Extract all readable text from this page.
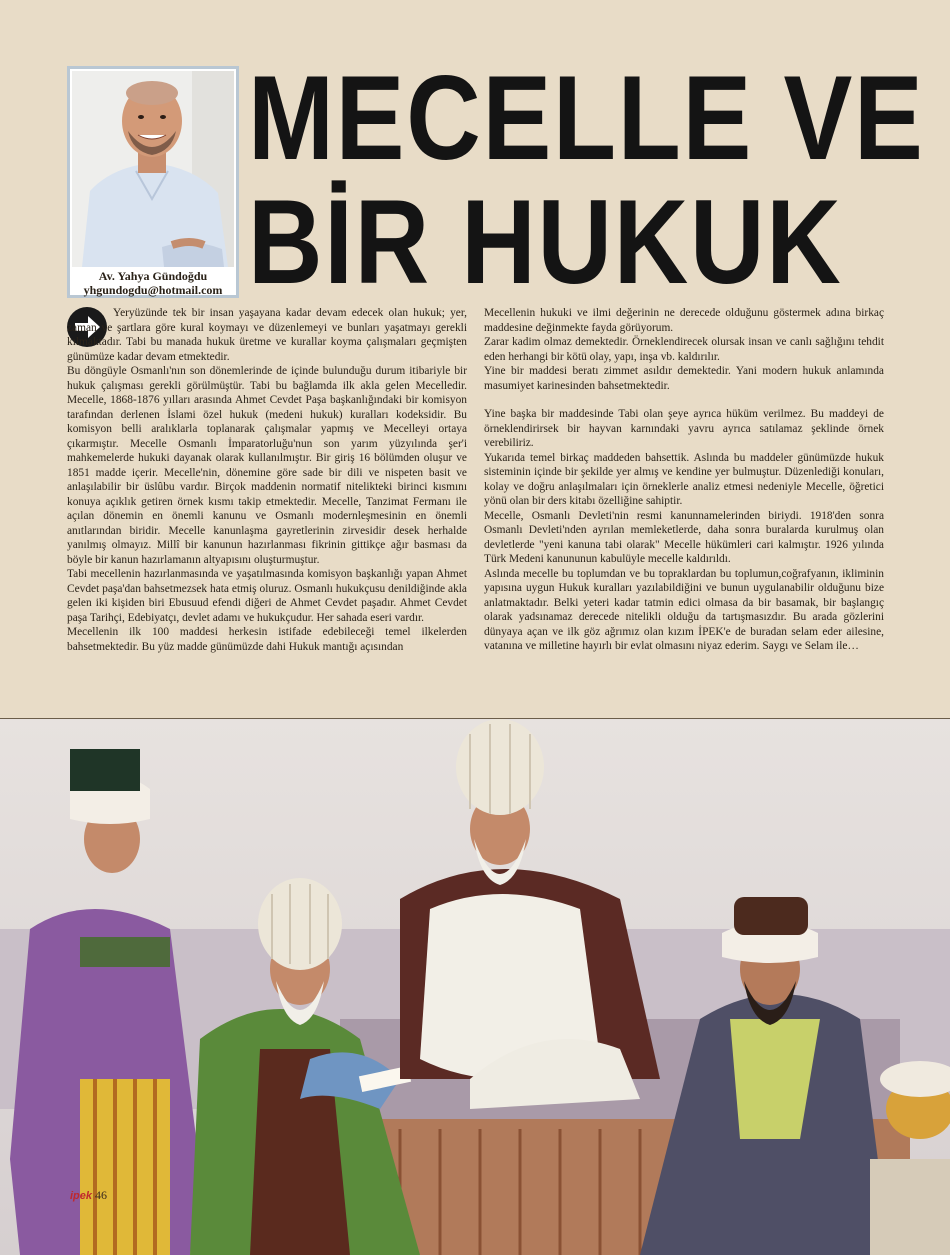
Av. Yahya Gündoğdu
yhgundogdu@hotmail.com
MECELLE VE
BİR HUKUK

Yeryüzünde tek bir insan yaşayana kadar devam edecek olan hukuk; yer, zaman ve şartlara göre kural koymayı ve düzenlemeyi ve bunları yaşatmayı gerekli kılmaktadır. Tabi bu manada hukuk üretme ve kurallar koyma çalışmaları geçmişten günümüze kadar devam etmektedir.

Bu döngüyle Osmanlı'nın son dönemlerinde de içinde bulunduğu durum itibariyle bir hukuk çalışması gerekli görülmüştür. Tabi bu bağlamda ilk akla gelen Mecelledir. Mecelle, 1868-1876 yılları arasında Ahmet Cevdet Paşa başkanlığındaki bir komisyon tarafından derlenen İslami özel hukuk (medeni hukuk) kuralları kodeksidir. Bu komisyon belli aralıklarla toplanarak çalışmalar yapmış ve Mecelleyi ortaya çıkarmıştır. Mecelle Osmanlı İmparatorluğu'nun son yarım yüzyılında şer'i mahkemelerde hukuki dayanak olarak kullanılmıştır. Bir giriş 16 bölümden oluşur ve 1851 madde içerir. Mecelle'nin, dönemine göre sade bir dili ve nispeten basit ve anlaşılabilir bir üslûbu vardır. Birçok maddenin normatif nitelikteki birinci kısmını konuya açıklık getiren örnek kısmı takip etmektedir. Mecelle, Tanzimat Fermanı ile açılan dönemin en önemli kanunu ve Osmanlı modernleşmesinin en önemli anıtlarından biridir. Mecelle kanunlaşma gayretlerinin zirvesidir desek herhalde yanılmış olmayız. Millî bir kanunun hazırlanması fikrinin gittikçe ağır basması da böyle bir kanun hazırlamanın altyapısını oluşturmuştur.

Tabi mecellenin hazırlanmasında ve yaşatılmasında komisyon başkanlığı yapan Ahmet Cevdet paşa'dan bahsetmezsek hata etmiş oluruz. Osmanlı hukukçusu denildiğinde akla gelen iki kişiden biri Ebusuud efendi diğeri de Ahmet Cevdet paşadır. Ahmet Cevdet paşa Tarihçi, Edebiyatçı, devlet adamı ve hukukçudur. Her sahada eseri vardır.

Mecellenin ilk 100 maddesi herkesin istifade edebileceği temel ilkelerden bahsetmektedir. Bu yüz madde günümüzde dahi Hukuk mantığı açısından

Mecellenin hukuki ve ilmi değerinin ne derecede olduğunu göstermek adına birkaç maddesine değinmekte fayda görüyorum.

Zarar kadim olmaz demektedir. Örneklendirecek olursak insan ve canlı sağlığını tehdit eden herhangi bir kötü olay, yapı, inşa vb. kaldırılır.

Yine bir maddesi beratı zimmet asıldır demektedir. Yani modern hukuk anlamında masumiyet karinesinden bahsetmektedir.

Yine başka bir maddesinde Tabi olan şeye ayrıca hüküm verilmez. Bu maddeyi de örneklendirirsek bir hayvan karnındaki yavru ayrıca satılamaz şeklinde örnek verebiliriz.

Yukarıda temel birkaç maddeden bahsettik. Aslında bu maddeler günümüzde hukuk sisteminin içinde bir şekilde yer almış ve kendine yer bulmuştur. Düzenlediği konuları, kolay ve doğru anlaşılmaları için örneklerle analiz etmesi nedeniyle Mecelle, öğretici yönü olan bir ders kitabı özelliğine sahiptir.

Mecelle, Osmanlı Devleti'nin resmi kanunnamelerinden biriydi. 1918'den sonra Osmanlı Devleti'nden ayrılan memleketlerde, daha sonra buralarda kurulmuş olan devletlerde "yeni kanuna tabi olarak" Mecelle hükümleri cari kalmıştır. 1926 yılında Türk Medeni kanununun kabulüyle mecelle kaldırıldı.

Aslında mecelle bu toplumdan ve bu topraklardan bu toplumun,coğrafyanın, ikliminin yapısına uygun Hukuk kuralları yazılabildiğini ve bunun uygulanabilir olduğunu bize anlatmaktadır. Belki yeteri kadar tatmin edici olmasa da bir basamak, bir başlangıç olarak yadsınamaz derecede nitelikli olduğu da tartışmasızdır. Bu arada gözlerini dünyaya açan ve ilk göz ağrımız olan kızım İPEK'e de buradan selam eder ailesine, vatanına ve milletine hayırlı bir evlat olmasını niyaz ederim. Saygı ve Selam ile…

ipek 46
